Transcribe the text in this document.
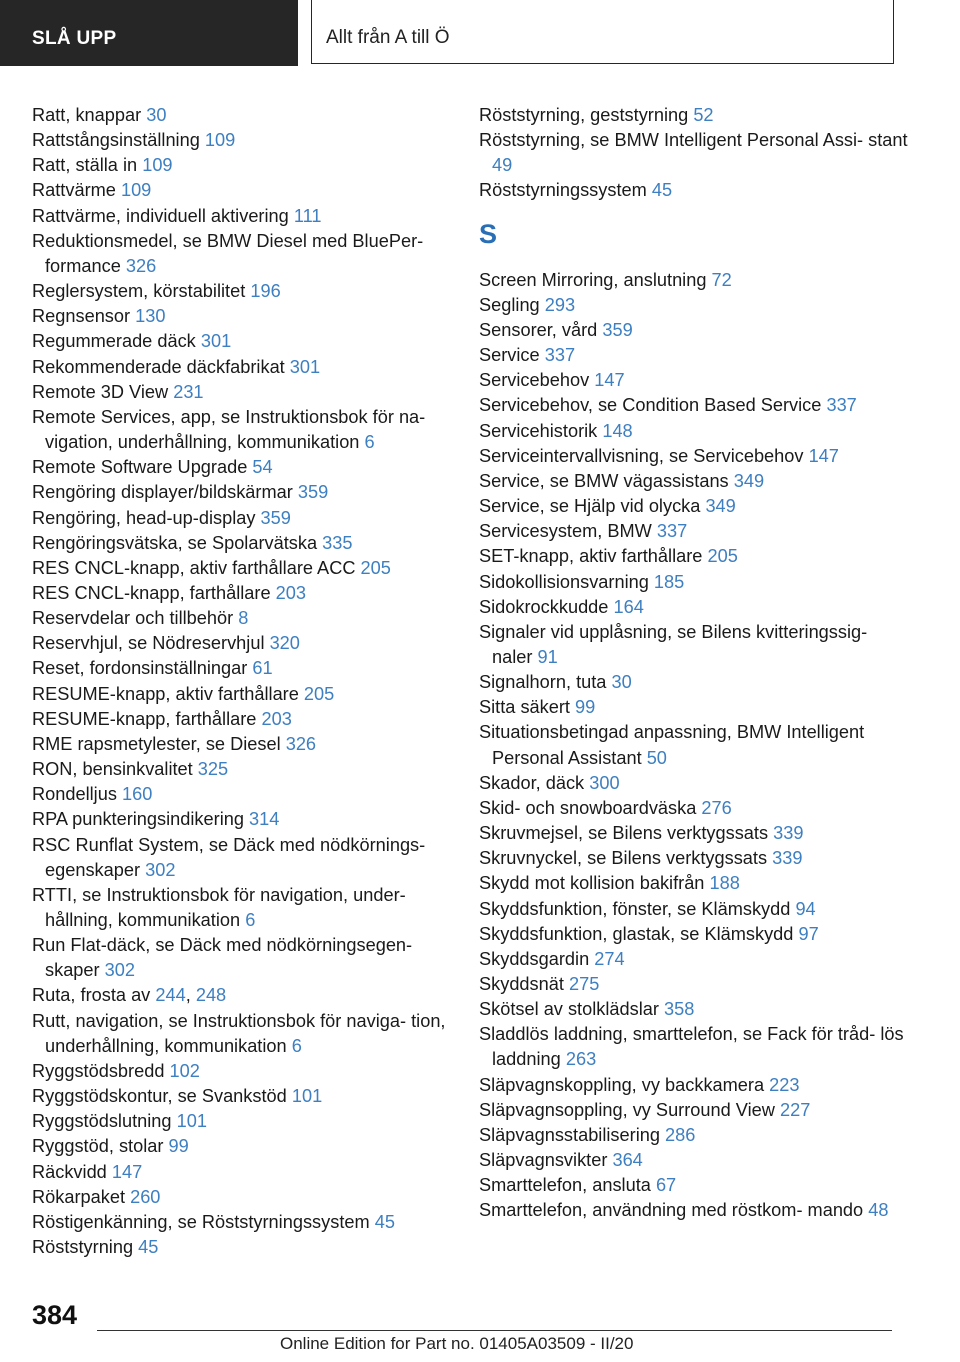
SLÅ UPP	Allt från A till Ö
Ratt, knappar 30
Rattstångsinställning 109
Ratt, ställa in 109
Rattvärme 109
Rattvärme, individuell aktivering 111
Reduktionsmedel, se BMW Diesel med BluePer‐ formance 326
Reglersystem, körstabilitet 196
Regnsensor 130
Regummerade däck 301
Rekommenderade däckfabrikat 301
Remote 3D View 231
Remote Services, app, se Instruktionsbok för na‐ vigation, underhållning, kommunikation 6
Remote Software Upgrade 54
Rengöring displayer/bildskärmar 359
Rengöring, head-up-display 359
Rengöringsvätska, se Spolarvätska 335
RES CNCL-knapp, aktiv farthållare ACC 205
RES CNCL-knapp, farthållare 203
Reservdelar och tillbehör 8
Reservhjul, se Nödreservhjul 320
Reset, fordonsinställningar 61
RESUME-knapp, aktiv farthållare 205
RESUME-knapp, farthållare 203
RME rapsmetylester, se Diesel 326
RON, bensinkvalitet 325
Rondelljus 160
RPA punkteringsindikering 314
RSC Runflat System, se Däck med nödkörnings‐ egenskaper 302
RTTI, se Instruktionsbok för navigation, under‐ hållning, kommunikation 6
Run Flat-däck, se Däck med nödkörningsegen‐ skaper 302
Ruta, frosta av 244, 248
Rutt, navigation, se Instruktionsbok för naviga‐ tion, underhållning, kommunikation 6
Ryggstödsbredd 102
Ryggstödskontur, se Svankstöd 101
Ryggstödslutning 101
Ryggstöd, stolar 99
Räckvidd 147
Rökarpaket 260
Röstigenkänning, se Röststyrningssystem 45
Röststyrning 45
Röststyrning, geststyrning 52
Röststyrning, se BMW Intelligent Personal Assi‐ stant 49
Röststyrningssystem 45
S
Screen Mirroring, anslutning 72
Segling 293
Sensorer, vård 359
Service 337
Servicebehov 147
Servicebehov, se Condition Based Service 337
Servicehistorik 148
Serviceintervallvisning, se Servicebehov 147
Service, se BMW vägassistans 349
Service, se Hjälp vid olycka 349
Servicesystem, BMW 337
SET-knapp, aktiv farthållare 205
Sidokollisionsvarning 185
Sidokrockkudde 164
Signaler vid upplåsning, se Bilens kvitteringssig‐ naler 91
Signalhorn, tuta 30
Sitta säkert 99
Situationsbetingad anpassning, BMW Intelligent Personal Assistant 50
Skador, däck 300
Skid- och snowboardväska 276
Skruvmejsel, se Bilens verktygssats 339
Skruvnyckel, se Bilens verktygssats 339
Skydd mot kollision bakifrån 188
Skyddsfunktion, fönster, se Klämskydd 94
Skyddsfunktion, glastak, se Klämskydd 97
Skyddsgardin 274
Skyddsnät 275
Skötsel av stolklädslar 358
Sladdlös laddning, smarttelefon, se Fack för tråd‐ lös laddning 263
Släpvagnskoppling, vy backkamera 223
Släpvagnsoppling, vy Surround View 227
Släpvagnsstabilisering 286
Släpvagnsvikter 364
Smarttelefon, ansluta 67
Smarttelefon, användning med röstkom‐ mando 48
384
Online Edition for Part no. 01405A03509 - II/20
